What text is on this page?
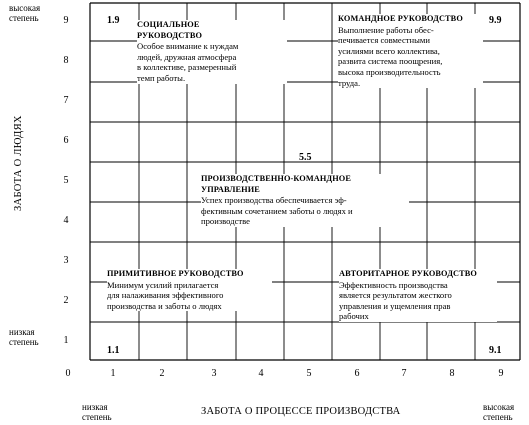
высокая
степень
низкая
степень
ЗАБОТА О ЛЮДЯХ
9
8
7
6
5
4
3
2
1
0	1	2	3	4	5	6	7	8	9
низкая
степень	ЗАБОТА О ПРОЦЕССЕ ПРОИЗВОДСТВА	высокая
степень
1.9	9.9
5.5
1.1	9.1
СОЦИАЛЬНОЕ
РУКОВОДСТВО
Особое внимание к нуждам
людей, дружная атмосфера
в коллективе, размеренный
темп работы.
КОМАНДНОЕ РУКОВОДСТВО
Выполнение работы обес-
печивается совместными
усилиями всего коллектива,
развита система поощрения,
высока производительность
труда.
ПРОИЗВОДСТВЕННО-КОМАНДНОЕ
УПРАВЛЕНИЕ
Успех производства обеспечивается эф-
фективным сочетанием заботы о людях и
производстве
ПРИМИТИВНОЕ РУКОВОДСТВО
Минимум усилий прилагается
для налаживания эффективного
производства и заботы о людях
АВТОРИТАРНОЕ РУКОВОДСТВО
Эффективность производства
является результатом жесткого
управления и ущемления прав
рабочих
